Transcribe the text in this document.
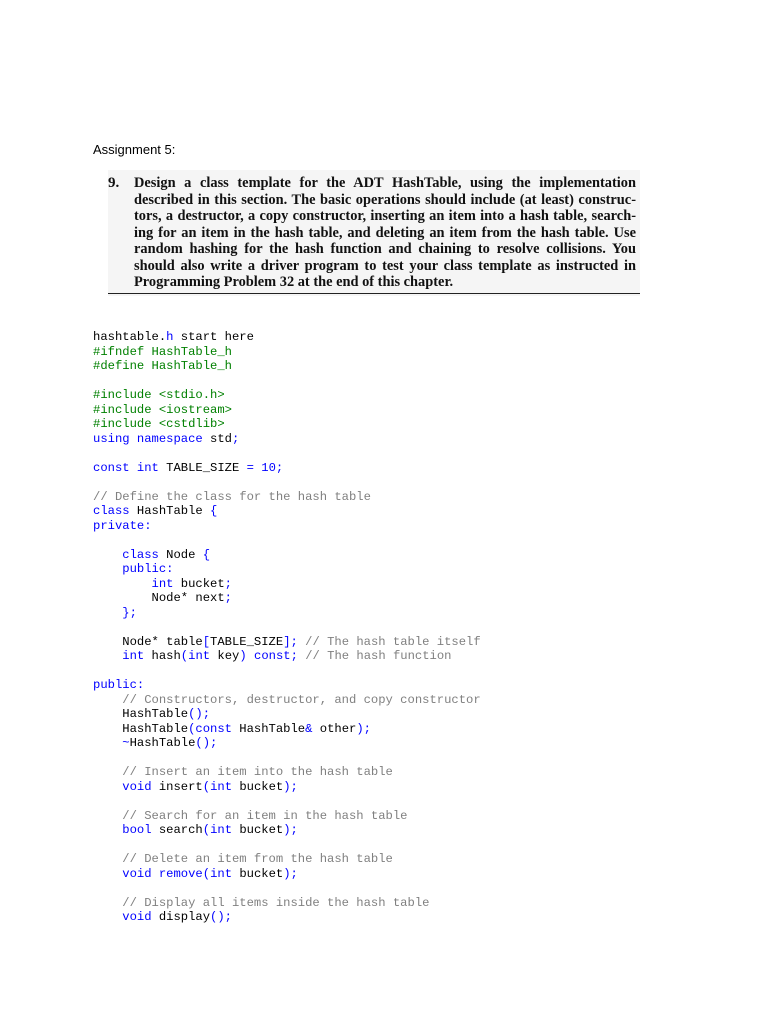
Assignment 5:
9. Design a class template for the ADT HashTable, using the implementation
described in this section. The basic operations should include (at least) construc-
tors, a destructor, a copy constructor, inserting an item into a hash table, search-
ing for an item in the hash table, and deleting an item from the hash table. Use
random hashing for the hash function and chaining to resolve collisions. You
should also write a driver program to test your class template as instructed in
Programming Problem 32 at the end of this chapter.
hashtable.h start here
#ifndef HashTable_h
#define HashTable_h

#include <stdio.h>
#include <iostream>
#include <cstdlib>
using namespace std;

const int TABLE_SIZE = 10;

// Define the class for the hash table
class HashTable {
private:

class Node {
public:
int bucket;
Node* next;
};

Node* table[TABLE_SIZE]; // The hash table itself
int hash(int key) const; // The hash function

public:
// Constructors, destructor, and copy constructor
HashTable();
HashTable(const HashTable& other);
~HashTable();

// Insert an item into the hash table
void insert(int bucket);

// Search for an item in the hash table
bool search(int bucket);

// Delete an item from the hash table
void remove(int bucket);

// Display all items inside the hash table
void display();
